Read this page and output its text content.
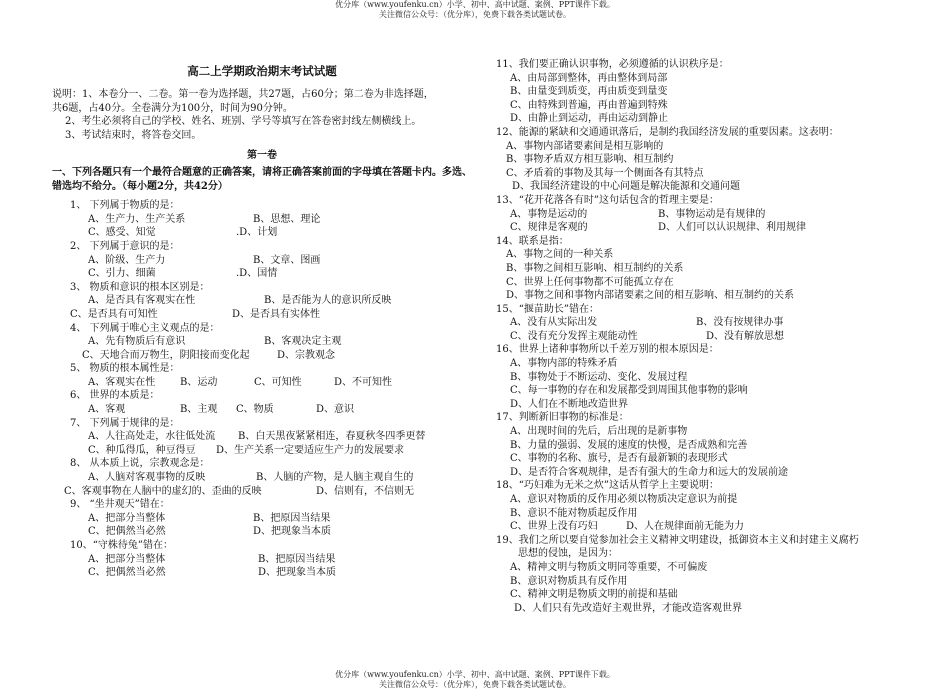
优分库（www.youfenku.cn）小学、初中、高中试题、案例、PPT课件下载。
关注微信公众号：（优分库），免费下载各类试题试卷。
高二上学期政治期末考试试题
说明：1、本卷分一、二卷。第一卷为选择题，共27题，占60分；第二卷为非选择题，
共6题，占40分。全卷满分为100分，时间为90分钟。
2、考生必须将自己的学校、姓名、班别、学号等填写在答卷密封线左侧横线上。
3、考试结束时，将答卷交回。
第一卷
一、下列各题只有一个最符合题意的正确答案，请将正确答案前面的字母填在答题卡内。多选、错选均不给分。（每小题2分，共42分）
1、 下列属于物质的是：
A、生产力、生产关系	B、思想、理论
C、感受、知觉	.D、计划
2、 下列属于意识的是：
A、阶级、生产力	B、文章、图画
C、引力、细菌	.D、国情
3、 物质和意识的根本区别是：
A、是否具有客观实在性	B、是否能为人的意识所反映
C、是否具有可知性	D、是否具有实体性
4、 下列属于唯心主义观点的是：
A、先有物质后有意识	B、客观决定主观
C、天地合而万物生，阴阳接而变化起	D、宗教观念
5、 物质的根本属性是：
A、客观实在性	B、运动	C、可知性	D、不可知性
6、 世界的本质是：
A、客观	B、主观	C、物质	D、意识
7、 下列属于规律的是：
A、人往高处走，水往低处流	B、白天黑夜紧紧相连，春夏秋冬四季更替
C、种瓜得瓜，种豆得豆	D、生产关系一定要适应生产力的发展要求
8、 从本质上说，宗教观念是：
A、人脑对客观事物的反映	B、人脑的产物，是人脑主观自生的
C、客观事物在人脑中的虚幻的、歪曲的反映	D、信则有，不信则无
9、 “坐井观天”错在：
A、把部分当整体	B、把原因当结果
C、把偶然当必然	D、把现象当本质
10、“守株待兔”错在：
A、把部分当整体	B、把原因当结果
C、把偶然当必然	D、把现象当本质
11、我们要正确认识事物，必须遵循的认识秩序是：
A、由局部到整体，再由整体到局部
B、由量变到质变，再由质变到量变
C、由特殊到普遍，再由普遍到特殊
D、由静止到运动，再由运动到静止
12、能源的紧缺和交通通讯落后，是制约我国经济发展的重要因素。这表明：
A、事物内部诸要素间是相互影响的
B、事物矛盾双方相互影响、相互制约
C、矛盾着的事物及其每一个侧面各有其特点
D、我国经济建设的中心问题是解决能源和交通问题
13、“花开花落各有时”这句话包含的哲理主要是：
A、事物是运动的	B、事物运动是有规律的
C、规律是客观的	D、人们可以认识规律、利用规律
14、联系是指：
A、事物之间的一种关系
B、事物之间相互影响、相互制约的关系
C、世界上任何事物都不可能孤立存在
D、事物之间和事物内部诸要素之间的相互影响、相互制约的关系
15、“揠苗助长”错在：
A、没有从实际出发	B、没有按规律办事
C、没有充分发挥主观能动性	D、没有解放思想
16、世界上诸种事物所以千差万别的根本原因是：
A、事物内部的特殊矛盾
B、事物处于不断运动、变化、发展过程
C、每一事物的存在和发展都受到周围其他事物的影响
D、人们在不断地改造世界
17、判断新旧事物的标准是：
A、出现时间的先后，后出现的是新事物
B、力量的强弱、发展的速度的快慢，是否成熟和完善
C、事物的名称、旗号，是否有最新颖的表现形式
D、是否符合客观规律，是否有强大的生命力和远大的发展前途
18、“巧妇难为无米之炊”这话从哲学上主要说明：
A、意识对物质的反作用必须以物质决定意识为前提
B、意识不能对物质起反作用
C、世界上没有巧妇	D、人在规律面前无能为力
19、我们之所以要自觉参加社会主义精神文明建设，抵御资本主义和封建主义腐朽
思想的侵蚀，是因为：
A、精神文明与物质文明同等重要，不可偏废
B、意识对物质具有反作用
C、精神文明是物质文明的前提和基础
D、人们只有先改造好主观世界，才能改造客观世界
优分库（www.youfenku.cn）小学、初中、高中试题、案例、PPT课件下载。
关注微信公众号：（优分库），免费下载各类试题试卷。
